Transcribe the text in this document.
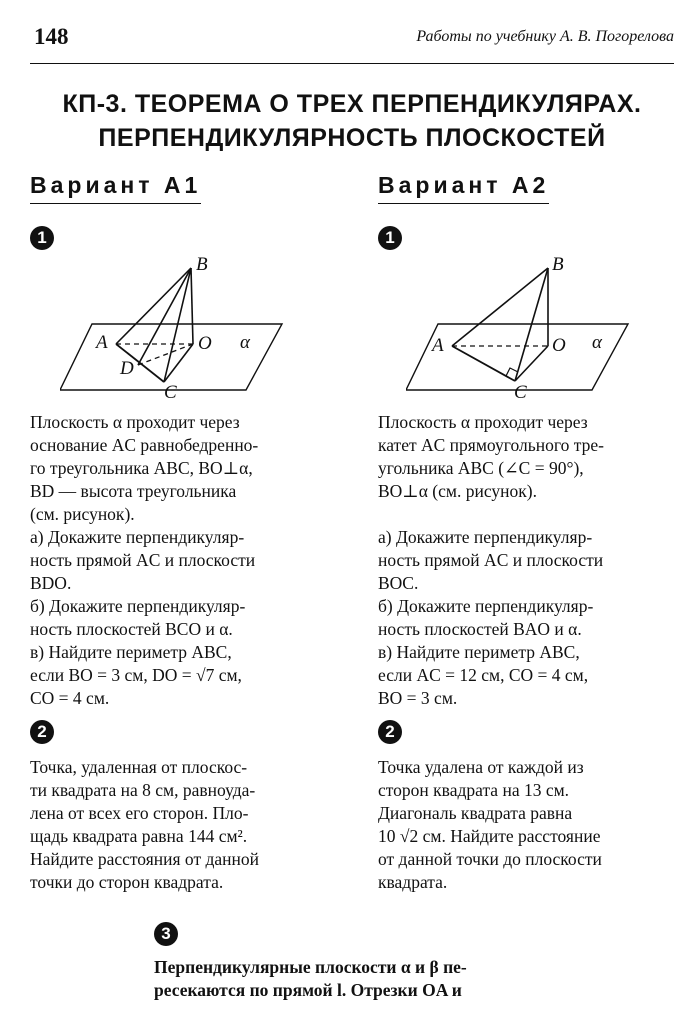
148	Работы по учебнику А. В. Погорелова
КП-3. ТЕОРЕМА О ТРЕХ ПЕРПЕНДИКУЛЯРАХ.
ПЕРПЕНДИКУЛЯРНОСТЬ ПЛОСКОСТЕЙ
Вариант А1	Вариант А2
1	1
B
A	O α
D
C
B
A	O α
C

Плоскость α проходит через

основание AC равнобедренно-

го треугольника ABC, BO⊥α,

BD — высота треугольника

(см. рисунок).

а) Докажите перпендикуляр-

ность прямой AC и плоскости

BDO.

б) Докажите перпендикуляр-

ность плоскостей BCO и α.

в) Найдите периметр ABC,

если BO = 3 см, DO = √7 см,

CO = 4 см.

Плоскость α проходит через

катет AC прямоугольного тре-

угольника ABC (∠C = 90°),

BO⊥α (см. рисунок).

а) Докажите перпендикуляр-

ность прямой AC и плоскости

BOC.

б) Докажите перпендикуляр-

ность плоскостей BAO и α.

в) Найдите периметр ABC,

если AC = 12 см, CO = 4 см,

BO = 3 см.

2	2

Точка, удаленная от плоскос-

ти квадрата на 8 см, равноуда-

лена от всех его сторон. Пло-

щадь квадрата равна 144 см².

Найдите расстояния от данной

точки до сторон квадрата.

Точка удалена от каждой из

сторон квадрата на 13 см.

Диагональ квадрата равна

10 √2 см. Найдите расстояние

от данной точки до плоскости

квадрата.

3

Перпендикулярные плоскости α и β пе-

ресекаются по прямой l. Отрезки OA и
